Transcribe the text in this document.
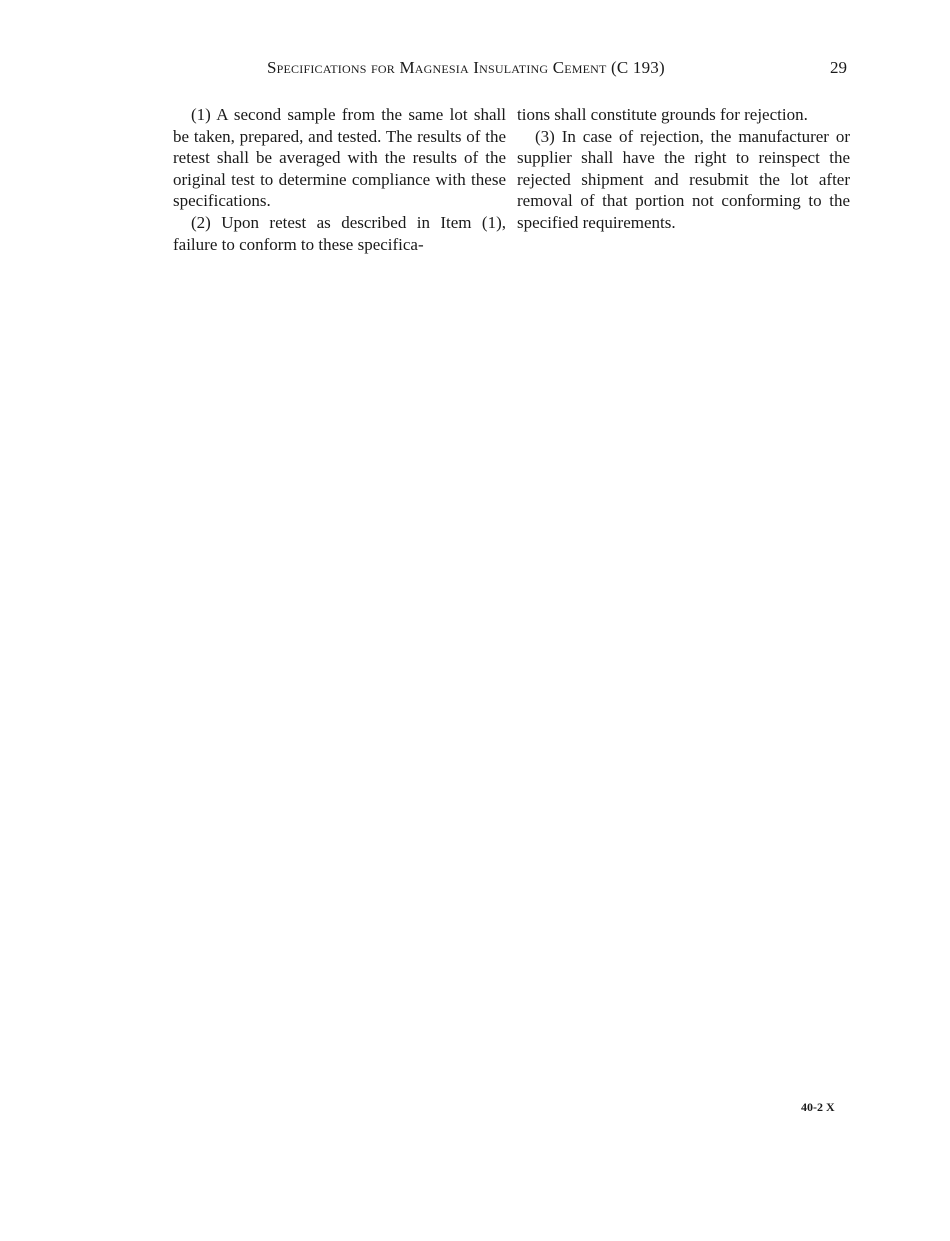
Specifications for Magnesia Insulating Cement (C 193)	29

(1) A second sample from the same lot shall be taken, prepared, and tested. The results of the retest shall be averaged with the results of the original test to determine compliance with these specifications.

(2) Upon retest as described in Item (1), failure to conform to these specifica-

tions shall constitute grounds for rejection.

(3) In case of rejection, the manufacturer or supplier shall have the right to reinspect the rejected shipment and resubmit the lot after removal of that portion not conforming to the specified requirements.

40-2 X
